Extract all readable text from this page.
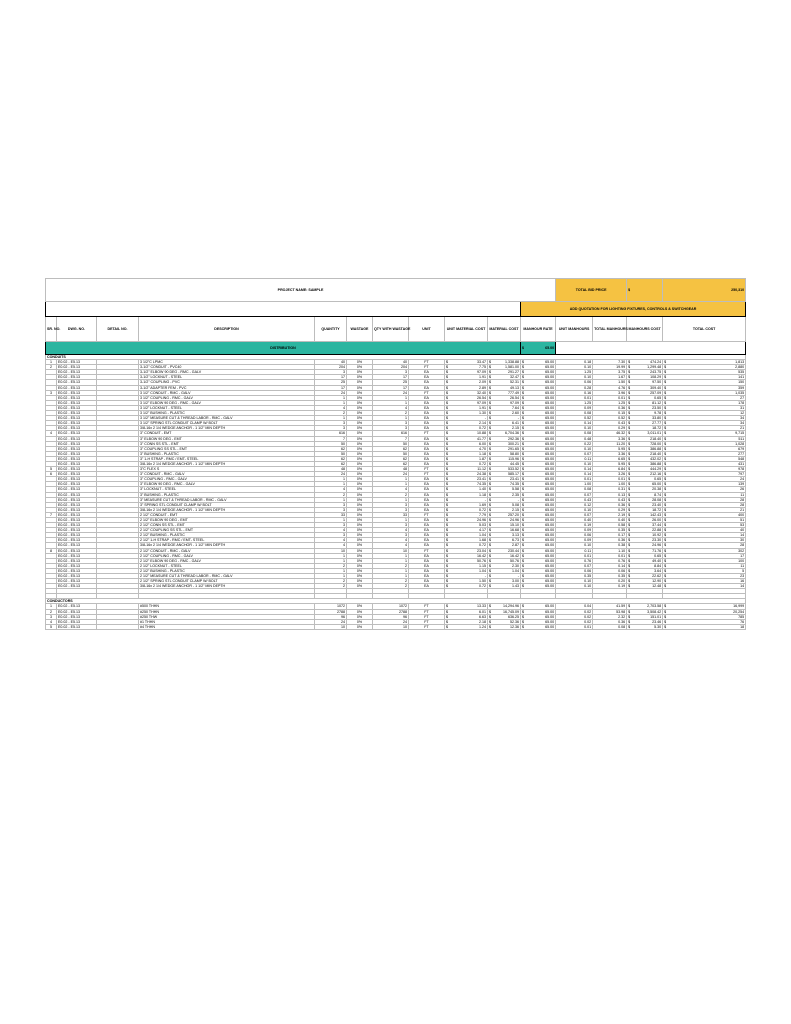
PROJECT NAME: SAMPLE											TOTAL BID PRICE		$	250,310
										ADD QUOTATION FOR LIGHTING FIXTURES, CONTROLS & SWITCHGEAR				
SR. NO.	DWG. NO.	DETAIL NO.	DESCRIPTION	QUANTITY	WASTAGE	QTY WITH WASTAGE	UNIT	UNIT MATERIAL COST	MATERIAL COST	MANHOUR RATE	UNIT MANHOURS	TOTAL MANHOURS	MANHOURS COST	TOTAL COST
DISTRIBUTION										$ 65.00				

CONDUITS														
1	E0.02 - E5.13		3 1/2"C LPMC	40	0%	40	FT	$ 33.47	$ 1,338.88	$ 65.00	0.18	7.30	$ 474.24	$ 1,813

2	E0.02 - E5.13		3-1/2" CONDUIT - PVC40	204	0%	204	FT	$ 7.75	$ 1,581.00	$ 65.00	0.10	19.99	$ 1,299.48	$ 2,880

	E0.02 - E5.13		3-1/2" ELBOW 90 DEG - RMC - GALV	3	0%	3	EA	$ 97.09	$ 291.27	$ 65.00	1.25	3.75	$ 243.75	$ 535

	E0.02 - E5.13		3-1/2" LOCKNUT - STEEL	17	0%	17	EA	$ 1.91	$ 32.47	$ 65.00	0.10	1.67	$ 108.29	$ 141

	E0.02 - E5.13		3-1/2" COUPLING - PVC	25	0%	25	EA	$ 2.09	$ 52.31	$ 65.00	0.06	1.50	$ 97.50	$ 150

	E0.02 - E5.13		3-1/2" ADAPTER FEM - PVC	17	0%	17	EA	$ 2.89	$ 49.13	$ 65.00	0.28	4.76	$ 309.40	$ 359

3	E0.02 - E5.13		3 1/2" CONDUIT - RMC - GALV	24	0%	24	FT	$ 32.40	$ 777.49	$ 65.00	0.16	3.96	$ 257.09	$ 1,035

	E0.02 - E5.13		3 1/2" COUPLING - RMC - GALV	1	0%	1	EA	$ 26.54	$ 26.54	$ 65.00	0.01	0.01	$ 0.65	$ 27

	E0.02 - E5.13		3 1/2" ELBOW 90 DEG - RMC - GALV	1	0%	1	EA	$ 97.09	$ 97.09	$ 65.00	1.25	1.25	$ 81.12	$ 178

	E0.02 - E5.13		3 1/2" LOCKNUT - STEEL	4	0%	4	EA	$ 1.91	$ 7.64	$ 65.00	0.09	0.36	$ 23.50	$ 31

	E0.02 - E5.13		3 1/2" BUSHING - PLASTIC	2	0%	2	EA	$ 1.30	$ 2.60	$ 65.00	0.08	0.15	$ 9.78	$ 12

	E0.02 - E5.13		3 1/2" MEASURE CUT & THREAD LABOR - RMC - GALV	1	0%	1	EA	$ -	$ -	$ 65.00	0.52	0.52	$ 33.80	$ 34

	E0.02 - E5.13		3 1/2" SPRING STL CONDUIT CLAMP W/ BOLT	3	0%	3	EA	$ 2.14	$ 6.41	$ 65.00	0.14	0.43	$ 27.77	$ 34

	E0.02 - E5.13		3/8-16x 2 1/4 WEDGE ANCHOR - 1 1/2" MIN DEPTH	3	0%	3	EA	$ 0.72	$ 2.15	$ 65.00	0.10	0.29	$ 18.72	$ 21

4	E0.02 - E5.13		3" CONDUIT - EMT	616	0%	616	FT	$ 10.88	$ 6,704.36	$ 65.00	0.08	46.32	$ 3,011.01	$ 9,715

	E0.02 - E5.13		3" ELBOW 90 DEG - EMT	7	0%	7	EA	$ 41.77	$ 292.36	$ 65.00	0.48	3.36	$ 218.40	$ 511

	E0.02 - E5.13		3" CONN SS STL - EMT	50	0%	50	EA	$ 6.00	$ 300.21	$ 65.00	0.22	11.20	$ 728.00	$ 1,028

	E0.02 - E5.13		3" COUPLING SS STL - EMT	62	0%	62	EA	$ 4.70	$ 291.65	$ 65.00	0.10	5.95	$ 386.88	$ 679

	E0.02 - E5.13		3" BUSHING - PLASTIC	50	0%	50	EA	$ 1.18	$ 58.80	$ 65.00	0.07	3.36	$ 218.40	$ 277

	E0.02 - E5.13		3" 1-H STRAP - RMC / EMT- STEEL	62	0%	62	EA	$ 1.87	$ 115.96	$ 65.00	0.11	6.65	$ 432.02	$ 548

	E0.02 - E5.13		3/8-16x 2 1/4 WEDGE ANCHOR - 1 1/2" MIN DEPTH	62	0%	62	EA	$ 0.72	$ 44.45	$ 65.00	0.10	5.95	$ 386.88	$ 431

5	E0.02 - E5.13		3"C FLEX S	48	0%	48	FT	$ 11.12	$ 533.52	$ 65.00	0.14	6.84	$ 444.29	$ 978

6	E0.02 - E5.13		3" CONDUIT - RMC - GALV	24	0%	24	FT	$ 24.38	$ 585.17	$ 65.00	0.14	3.26	$ 212.16	$ 797

	E0.02 - E5.13		3" COUPLING - RMC - GALV	1	0%	1	EA	$ 23.41	$ 23.41	$ 65.00	0.01	0.01	$ 0.65	$ 24

	E0.02 - E5.13		3" ELBOW 90 DEG - RMC - GALV	1	0%	1	EA	$ 74.35	$ 74.35	$ 65.00	1.00	1.00	$ 65.00	$ 139

	E0.02 - E5.13		3" LOCKNUT - STEEL	4	0%	4	EA	$ 1.40	$ 5.58	$ 65.00	0.08	0.31	$ 20.38	$ 26

	E0.02 - E5.13		3" BUSHING - PLASTIC	2	0%	2	EA	$ 1.18	$ 2.35	$ 65.00	0.07	0.13	$ 8.74	$ 11

	E0.02 - E5.13		3" MEASURE CUT & THREAD LABOR - RMC - GALV	1	0%	1	EA	$ -	$ -	$ 65.00	0.43	0.43	$ 28.08	$ 28

	E0.02 - E5.13		3" SPRING STL CONDUIT CLAMP W/ BOLT	3	0%	3	EA	$ 1.69	$ 5.08	$ 65.00	0.12	0.36	$ 23.40	$ 28

	E0.02 - E5.13		3/8-16x 2 1/4 WEDGE ANCHOR - 1 1/2" MIN DEPTH	3	0%	3	EA	$ 0.72	$ 2.15	$ 65.00	0.10	0.29	$ 18.72	$ 21

7	E0.02 - E5.13		2 1/2" CONDUIT - EMT	33	0%	33	FT	$ 7.79	$ 257.20	$ 65.00	0.07	2.19	$ 142.43	$ 400

	E0.02 - E5.13		2 1/2" ELBOW 90 DEG - EMT	1	0%	1	EA	$ 24.96	$ 24.96	$ 65.00	0.40	0.40	$ 26.00	$ 51

	E0.02 - E5.13		2 1/2" CONN SS STL - EMT	3	0%	3	EA	$ 5.03	$ 15.10	$ 65.00	0.19	0.58	$ 37.44	$ 53

	E0.02 - E5.13		2 1/2" COUPLING SS STL - EMT	4	0%	4	EA	$ 4.17	$ 16.68	$ 65.00	0.09	0.35	$ 22.88	$ 40

	E0.02 - E5.13		2 1/2" BUSHING - PLASTIC	3	0%	3	EA	$ 1.04	$ 3.13	$ 65.00	0.06	0.17	$ 10.92	$ 14

	E0.02 - E5.13		2 1/2" 1-H STRAP - RMC / EMT- STEEL	4	0%	4	EA	$ 1.68	$ 6.73	$ 65.00	0.09	0.36	$ 23.30	$ 30

	E0.02 - E5.13		3/8-16x 2 1/4 WEDGE ANCHOR - 1 1/2" MIN DEPTH	4	0%	4	EA	$ 0.72	$ 2.87	$ 65.00	0.10	0.38	$ 24.96	$ 28

8	E0.02 - E5.13		2 1/2" CONDUIT - RMC - GALV	10	0%	10	FT	$ 23.04	$ 230.44	$ 65.00	0.11	1.10	$ 71.76	$ 302

	E0.02 - E5.13		2 1/2" COUPLING - RMC - GALV	1	0%	1	EA	$ 16.42	$ 16.42	$ 65.00	0.01	0.01	$ 0.65	$ 17

	E0.02 - E5.13		2 1/2" ELBOW 90 DEG - RMC - GALV	1	0%	1	EA	$ 50.76	$ 50.76	$ 65.00	0.76	0.76	$ 49.40	$ 100

	E0.02 - E5.13		2 1/2" LOCKNUT - STEEL	2	0%	2	EA	$ 1.15	$ 2.30	$ 65.00	0.07	0.14	$ 8.84	$ 11

	E0.02 - E5.13		2 1/2" BUSHING - PLASTIC	1	0%	1	EA	$ 1.04	$ 1.04	$ 65.00	0.06	0.06	$ 3.64	$ 5

	E0.02 - E5.13		2 1/2" MEASURE CUT & THREAD LABOR - RMC - GALV	1	0%	1	EA	$ -	$ -	$ 65.00	0.35	0.35	$ 22.62	$ 23

	E0.02 - E5.13		2 1/2" SPRING STL CONDUIT CLAMP W/ BOLT	2	0%	2	EA	$ 1.50	$ 3.00	$ 65.00	0.10	0.20	$ 12.90	$ 16

	E0.02 - E5.13		3/8-16x 2 1/4 WEDGE ANCHOR - 1 1/2" MIN DEPTH	2	0%	2	EA	$ 0.72	$ 1.43	$ 65.00	0.10	0.19	$ 12.48	$ 14

CONDUCTORS														
1	E0.02 - E5.13		#500 THHN	1072	0%	1072	FT	$ 13.33	$ 14,294.96	$ 65.00	0.04	41.59	$ 2,703.58	$ 16,999

2	E0.02 - E5.13		#250 THHN	2788	0%	2788	FT	$ 6.01	$ 16,745.09	$ 65.00	0.02	53.98	$ 3,508.42	$ 20,254

3	E0.02 - E5.13		#250 THW	96	0%	96	FT	$ 6.63	$ 636.25	$ 65.00	0.02	2.32	$ 151.01	$ 785

4	E0.02 - E5.13		#1 THHN	24	0%	24	FT	$ 2.18	$ 52.36	$ 65.00	0.02	0.36	$ 23.46	$ 76

5	E0.02 - E5.13		#4 THHN	10	0%	10	FT	$ 1.24	$ 12.36	$ 65.00	0.01	0.08	$ 5.30	$ 18
